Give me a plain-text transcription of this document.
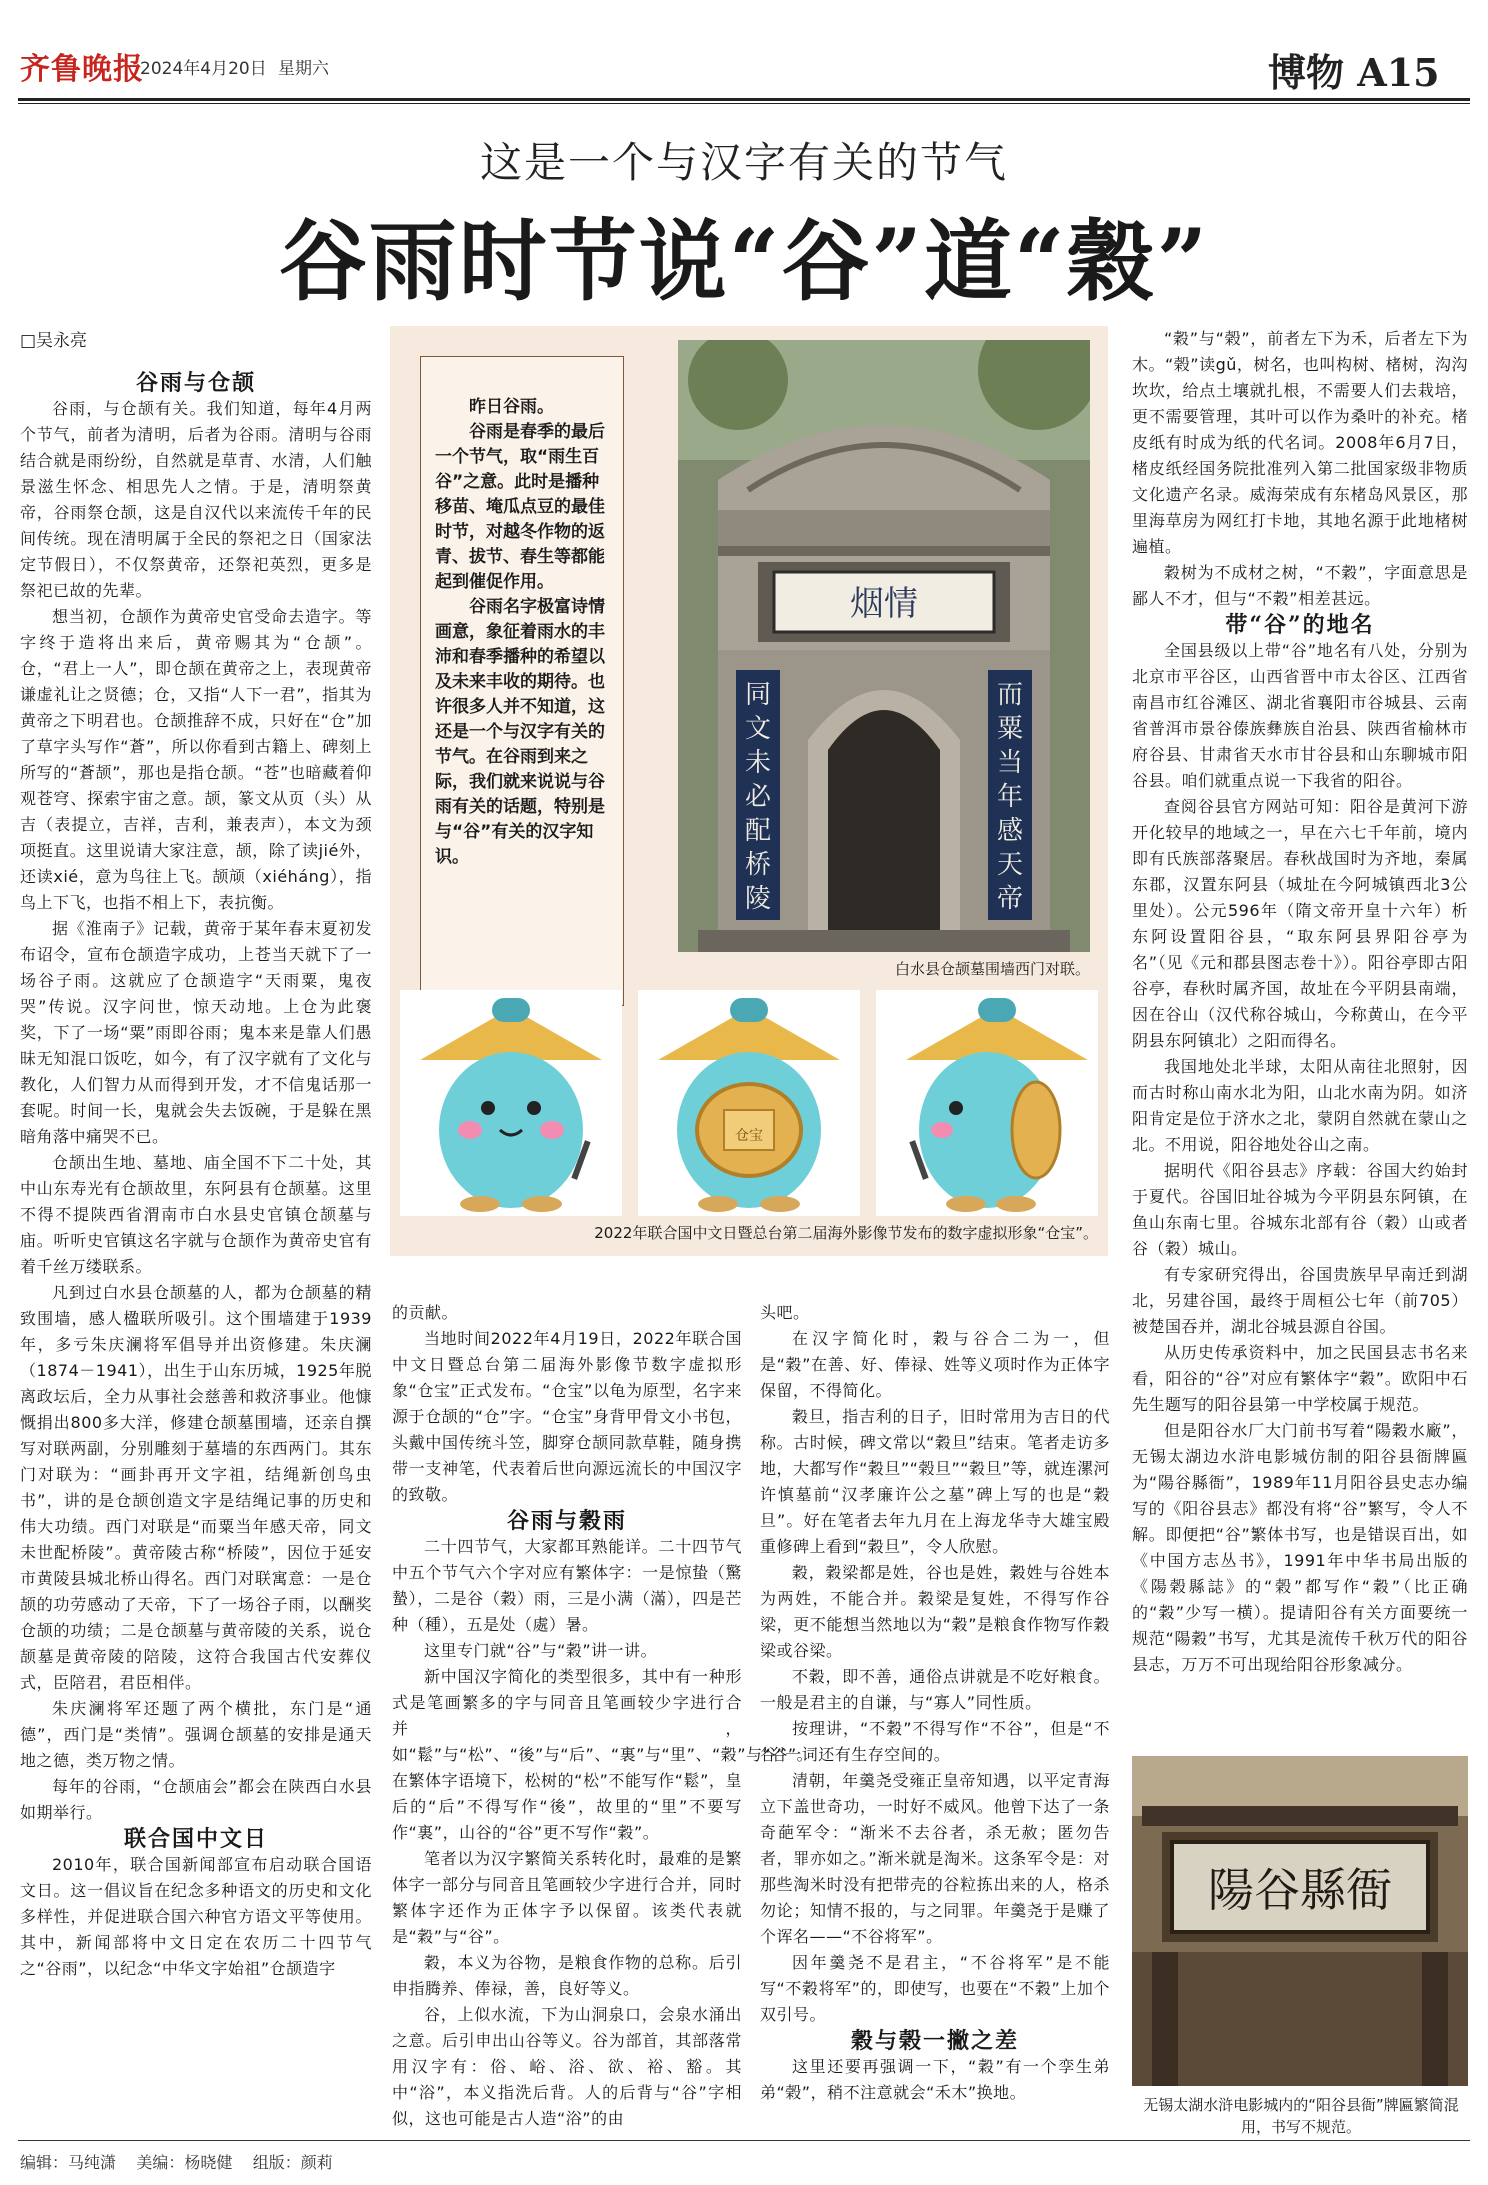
齐鲁晚报
2024年4月20日 星期六	博物 A15
这是一个与汉字有关的节气
谷雨时节说“谷”道“穀”
□吴永亮

谷雨与仓颉

谷雨，与仓颉有关。我们知道，每年4月两个节气，前者为清明，后者为谷雨。清明与谷雨结合就是雨纷纷，自然就是草青、水清，人们触景滋生怀念、相思先人之情。于是，清明祭黄帝，谷雨祭仓颉，这是自汉代以来流传千年的民间传统。现在清明属于全民的祭祀之日（国家法定节假日），不仅祭黄帝，还祭祀英烈，更多是祭祀已故的先辈。

想当初，仓颉作为黄帝史官受命去造字。等字终于造将出来后，黄帝赐其为“仓颉”。仓，“君上一人”，即仓颉在黄帝之上，表现黄帝谦虚礼让之贤德；仓，又指“人下一君”，指其为黄帝之下明君也。仓颉推辞不成，只好在“仓”加了草字头写作“蒼”，所以你看到古籍上、碑刻上所写的“蒼颉”，那也是指仓颉。“苍”也暗藏着仰观苍穹、探索宇宙之意。颉，篆文从页（头）从吉（表提立，吉祥，吉利，兼表声），本文为颈项挺直。这里说请大家注意，颉，除了读jié外，还读xié，意为鸟往上飞。颉颃（xiéháng），指鸟上下飞，也指不相上下，表抗衡。

据《淮南子》记载，黄帝于某年春末夏初发布诏令，宣布仓颉造字成功，上苍当天就下了一场谷子雨。这就应了仓颉造字“天雨粟，鬼夜哭”传说。汉字问世，惊天动地。上仓为此褒奖，下了一场“粟”雨即谷雨；鬼本来是靠人们愚昧无知混口饭吃，如今，有了汉字就有了文化与教化，人们智力从而得到开发，才不信鬼话那一套呢。时间一长，鬼就会失去饭碗，于是躲在黑暗角落中痛哭不已。

仓颉出生地、墓地、庙全国不下二十处，其中山东寿光有仓颉故里，东阿县有仓颉墓。这里不得不提陕西省渭南市白水县史官镇仓颉墓与庙。听听史官镇这名字就与仓颉作为黄帝史官有着千丝万缕联系。

凡到过白水县仓颉墓的人，都为仓颉墓的精致围墙，感人楹联所吸引。这个围墙建于1939年，多亏朱庆澜将军倡导并出资修建。朱庆澜（1874－1941），出生于山东历城，1925年脱离政坛后，全力从事社会慈善和救济事业。他慷慨捐出800多大洋，修建仓颉墓围墙，还亲自撰写对联两副，分别雕刻于墓墙的东西两门。其东门对联为：“画卦再开文字祖，结绳新创鸟虫书”，讲的是仓颉创造文字是结绳记事的历史和伟大功绩。西门对联是“而粟当年感天帝，同文未世配桥陵”。黄帝陵古称“桥陵”，因位于延安市黄陵县城北桥山得名。西门对联寓意：一是仓颉的功劳感动了天帝，下了一场谷子雨，以酬奖仓颉的功绩；二是仓颉墓与黄帝陵的关系，说仓颉墓是黄帝陵的陪陵，这符合我国古代安葬仪式，臣陪君，君臣相伴。

朱庆澜将军还题了两个横批，东门是“通德”，西门是“类情”。强调仓颉墓的安排是通天地之德，类万物之情。

每年的谷雨，“仓颉庙会”都会在陕西白水县如期举行。

联合国中文日

2010年，联合国新闻部宣布启动联合国语文日。这一倡议旨在纪念多种语文的历史和文化多样性，并促进联合国六种官方语文平等使用。其中，新闻部将中文日定在农历二十四节气之“谷雨”，以纪念“中华文字始祖”仓颉造字

昨日谷雨。

谷雨是春季的最后一个节气，取“雨生百谷”之意。此时是播种移苗、埯瓜点豆的最佳时节，对越冬作物的返青、拔节、春生等都能起到催促作用。

谷雨名字极富诗情画意，象征着雨水的丰沛和春季播种的希望以及未来丰收的期待。也许很多人并不知道，这还是一个与汉字有关的节气。在谷雨到来之际，我们就来说说与谷雨有关的话题，特别是与“谷”有关的汉字知识。

烟情
同文未必配桥陵
而粟当年感天帝
白水县仓颉墓围墙西门对联。
仓宝
2022年联合国中文日暨总台第二届海外影像节发布的数字虚拟形象“仓宝”。

的贡献。

当地时间2022年4月19日，2022年联合国中文日暨总台第二届海外影像节数字虚拟形象“仓宝”正式发布。“仓宝”以龟为原型，名字来源于仓颉的“仓”字。“仓宝”身背甲骨文小书包，头戴中国传统斗笠，脚穿仓颉同款草鞋，随身携带一支神笔，代表着后世向源远流长的中国汉字的致敬。

谷雨与穀雨

二十四节气，大家都耳熟能详。二十四节气中五个节气六个字对应有繁体字：一是惊蛰（驚蟄），二是谷（穀）雨，三是小满（滿），四是芒种（種），五是处（處）暑。

这里专门就“谷”与“穀”讲一讲。

新中国汉字简化的类型很多，其中有一种形式是笔画繁多的字与同音且笔画较少字进行合并，如“鬆”与“松”、“後”与“后”、“裏”与“里”、“穀”与“谷”。在繁体字语境下，松树的“松”不能写作“鬆”，皇后的“后”不得写作“後”，故里的“里”不要写作“裏”，山谷的“谷”更不写作“穀”。

笔者以为汉字繁简关系转化时，最难的是繁体字一部分与同音且笔画较少字进行合并，同时繁体字还作为正体字予以保留。该类代表就是“穀”与“谷”。

穀，本义为谷物，是粮食作物的总称。后引申指腾养、俸禄，善，良好等义。

谷，上似水流，下为山洞泉口，会泉水涌出之意。后引申出山谷等义。谷为部首，其部落常用汉字有：俗、峪、浴、欲、裕、豁。其中“浴”，本义指洗后背。人的后背与“谷”字相似，这也可能是古人造“浴”的由

头吧。

在汉字简化时，穀与谷合二为一，但是“穀”在善、好、俸禄、姓等义项时作为正体字保留，不得简化。

穀旦，指吉利的日子，旧时常用为吉日的代称。古时候，碑文常以“穀旦”结束。笔者走访多地，大都写作“穀旦”“榖旦”“穀旦”等，就连漯河许慎墓前“汉孝廉许公之墓”碑上写的也是“穀旦”。好在笔者去年九月在上海龙华寺大雄宝殿重修碑上看到“穀旦”，令人欣慰。

穀，穀梁都是姓，谷也是姓，穀姓与谷姓本为两姓，不能合并。穀梁是复姓，不得写作谷梁，更不能想当然地以为“穀”是粮食作物写作穀梁或谷梁。

不穀，即不善，通俗点讲就是不吃好粮食。一般是君主的自谦，与“寡人”同性质。

按理讲，“不穀”不得写作“不谷”，但是“不谷”一词还有生存空间的。

清朝，年羹尧受雍正皇帝知遇，以平定青海立下盖世奇功，一时好不威风。他曾下达了一条奇葩军令：“渐米不去谷者，杀无赦；匿勿告者，罪亦如之。”渐米就是淘米。这条军令是：对那些淘米时没有把带壳的谷粒拣出来的人，格杀勿论；知情不报的，与之同罪。年羹尧于是赚了个诨名——“不谷将军”。

因年羹尧不是君主，“不谷将军”是不能写“不穀将军”的，即使写，也要在“不穀”上加个双引号。

穀与榖一撇之差

这里还要再强调一下，“穀”有一个孪生弟弟“榖”，稍不注意就会“禾木”换地。

“穀”与“榖”，前者左下为禾，后者左下为木。“榖”读gǔ，树名，也叫构树、楮树，沟沟坎坎，给点土壤就扎根，不需要人们去栽培，更不需要管理，其叶可以作为桑叶的补充。楮皮纸有时成为纸的代名词。2008年6月7日，楮皮纸经国务院批准列入第二批国家级非物质文化遗产名录。威海荣成有东楮岛风景区，那里海草房为网红打卡地，其地名源于此地楮树遍植。

穀树为不成材之树，“不穀”，字面意思是鄙人不才，但与“不穀”相差甚远。

带“谷”的地名

全国县级以上带“谷”地名有八处，分别为北京市平谷区，山西省晋中市太谷区、江西省南昌市红谷滩区、湖北省襄阳市谷城县、云南省普洱市景谷傣族彝族自治县、陕西省榆林市府谷县、甘肃省天水市甘谷县和山东聊城市阳谷县。咱们就重点说一下我省的阳谷。

查阅谷县官方网站可知：阳谷是黄河下游开化较早的地域之一，早在六七千年前，境内即有氏族部落聚居。春秋战国时为齐地，秦属东郡，汉置东阿县（城址在今阿城镇西北3公里处）。公元596年（隋文帝开皇十六年）析东阿设置阳谷县，“取东阿县界阳谷亭为名”（见《元和郡县图志卷十》）。阳谷亭即古阳谷亭，春秋时属齐国，故址在今平阴县南端，因在谷山（汉代称谷城山，今称黄山，在今平阴县东阿镇北）之阳而得名。

我国地处北半球，太阳从南往北照射，因而古时称山南水北为阳，山北水南为阴。如济阳肯定是位于济水之北，蒙阴自然就在蒙山之北。不用说，阳谷地处谷山之南。

据明代《阳谷县志》序载：谷国大约始封于夏代。谷国旧址谷城为今平阴县东阿镇，在鱼山东南七里。谷城东北部有谷（穀）山或者谷（穀）城山。

有专家研究得出，谷国贵族早早南迁到湖北，另建谷国，最终于周桓公七年（前705）被楚国吞并，湖北谷城县源自谷国。

从历史传承资料中，加之民国县志书名来看，阳谷的“谷”对应有繁体字“穀”。欧阳中石先生题写的阳谷县第一中学校属于规范。

但是阳谷水厂大门前书写着“陽穀水廠”，无锡太湖边水浒电影城仿制的阳谷县衙牌匾为“陽谷縣衙”，1989年11月阳谷县史志办编写的《阳谷县志》都没有将“谷”繁写，令人不解。即便把“谷”繁体书写，也是错误百出，如《中国方志丛书》，1991年中华书局出版的《陽榖縣誌》的“榖”都写作“穀”（比正确的“穀”少写一横）。提请阳谷有关方面要统一规范“陽穀”书写，尤其是流传千秋万代的阳谷县志，万万不可出现给阳谷形象减分。

陽谷縣衙
无锡太湖水浒电影城内的“阳谷县衙”牌匾繁简混用，书写不规范。
编辑：马纯潇 美编：杨晓健 组版：颜莉
